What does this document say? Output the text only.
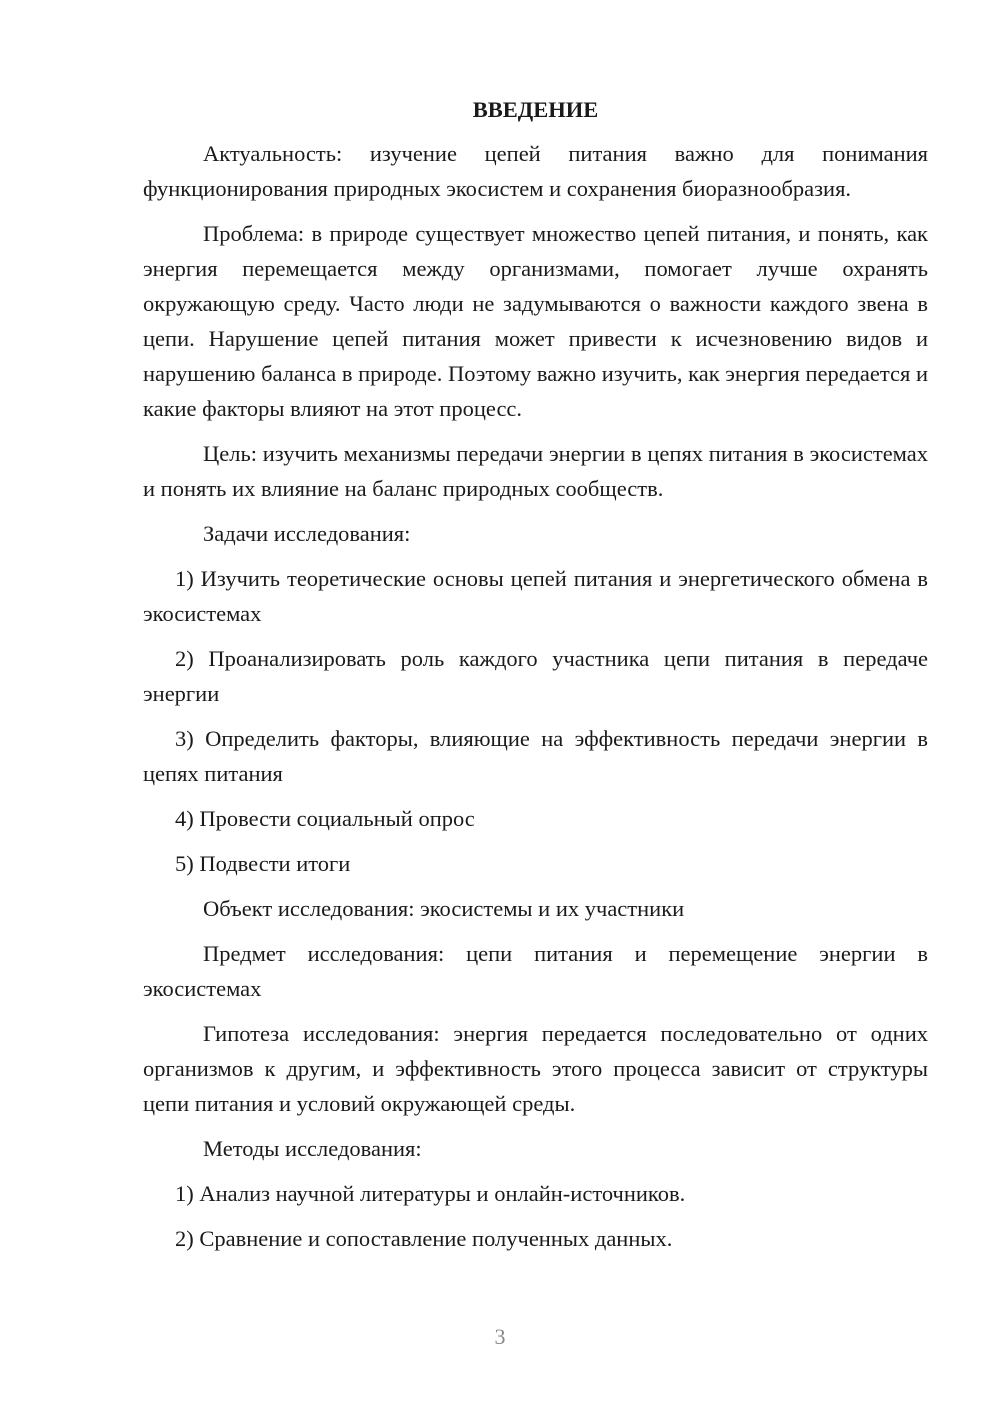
ВВЕДЕНИЕ
Актуальность: изучение цепей питания важно для понимания функционирования природных экосистем и сохранения биоразнообразия.
Проблема: в природе существует множество цепей питания, и понять, как энергия перемещается между организмами, помогает лучше охранять окружающую среду. Часто люди не задумываются о важности каждого звена в цепи. Нарушение цепей питания может привести к исчезновению видов и нарушению баланса в природе. Поэтому важно изучить, как энергия передается и какие факторы влияют на этот процесс.
Цель: изучить механизмы передачи энергии в цепях питания в экосистемах и понять их влияние на баланс природных сообществ.
Задачи исследования:
1) Изучить теоретические основы цепей питания и энергетического обмена в экосистемах
2) Проанализировать роль каждого участника цепи питания в передаче энергии
3) Определить факторы, влияющие на эффективность передачи энергии в цепях питания
4) Провести социальный опрос
5) Подвести итоги
Объект исследования: экосистемы и их участники
Предмет исследования: цепи питания и перемещение энергии в экосистемах
Гипотеза исследования: энергия передается последовательно от одних организмов к другим, и эффективность этого процесса зависит от структуры цепи питания и условий окружающей среды.
Методы исследования:
1) Анализ научной литературы и онлайн-источников.
2) Сравнение и сопоставление полученных данных.
3
